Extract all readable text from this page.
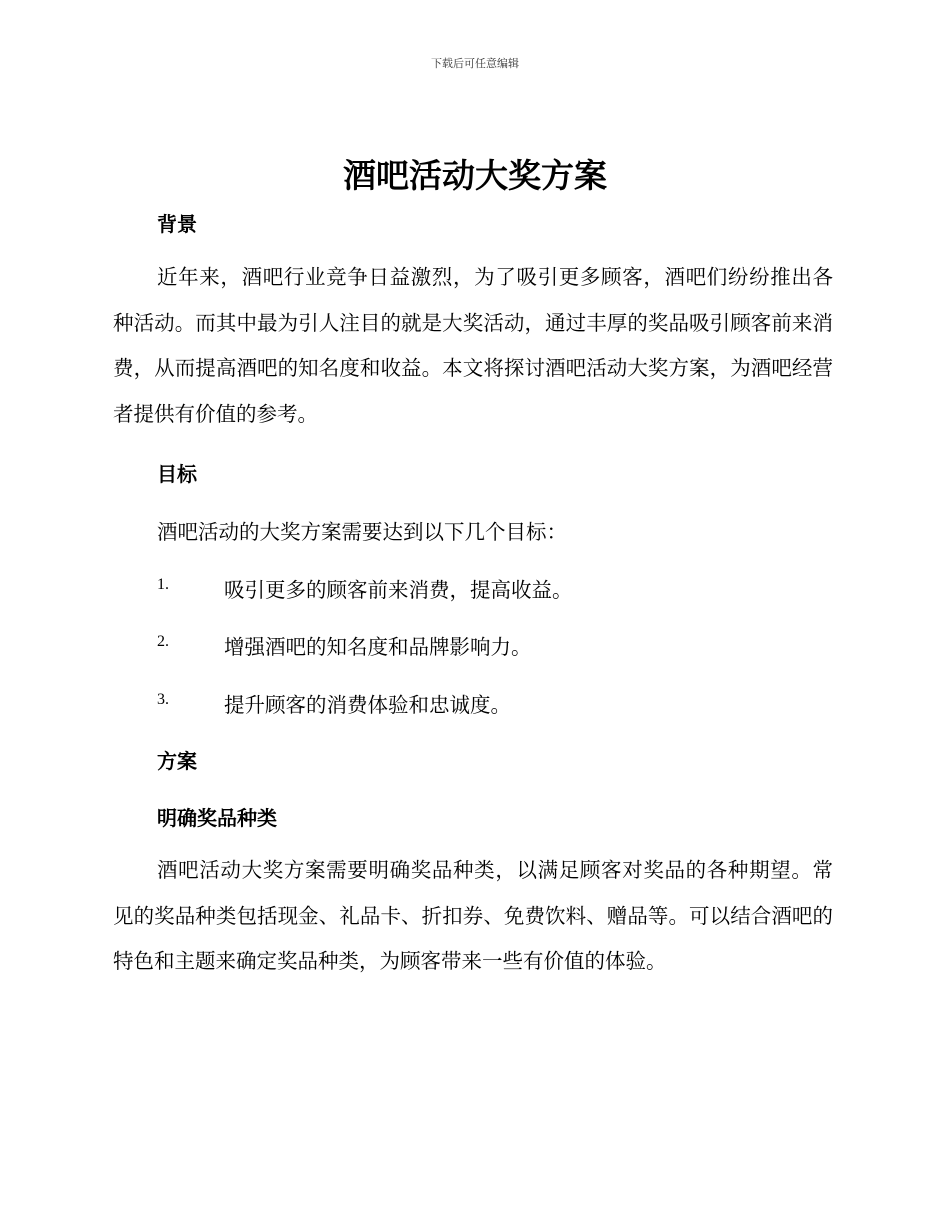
下载后可任意编辑
酒吧活动大奖方案
背景

近年来，酒吧行业竞争日益激烈，为了吸引更多顾客，酒吧们纷纷推出各种活动。而其中最为引人注目的就是大奖活动，通过丰厚的奖品吸引顾客前来消费，从而提高酒吧的知名度和收益。本文将探讨酒吧活动大奖方案，为酒吧经营者提供有价值的参考。

目标
酒吧活动的大奖方案需要达到以下几个目标：
1.	吸引更多的顾客前来消费，提高收益。
2.	增强酒吧的知名度和品牌影响力。
3.	提升顾客的消费体验和忠诚度。
方案
明确奖品种类

酒吧活动大奖方案需要明确奖品种类，以满足顾客对奖品的各种期望。常见的奖品种类包括现金、礼品卡、折扣券、免费饮料、赠品等。可以结合酒吧的特色和主题来确定奖品种类，为顾客带来一些有价值的体验。
